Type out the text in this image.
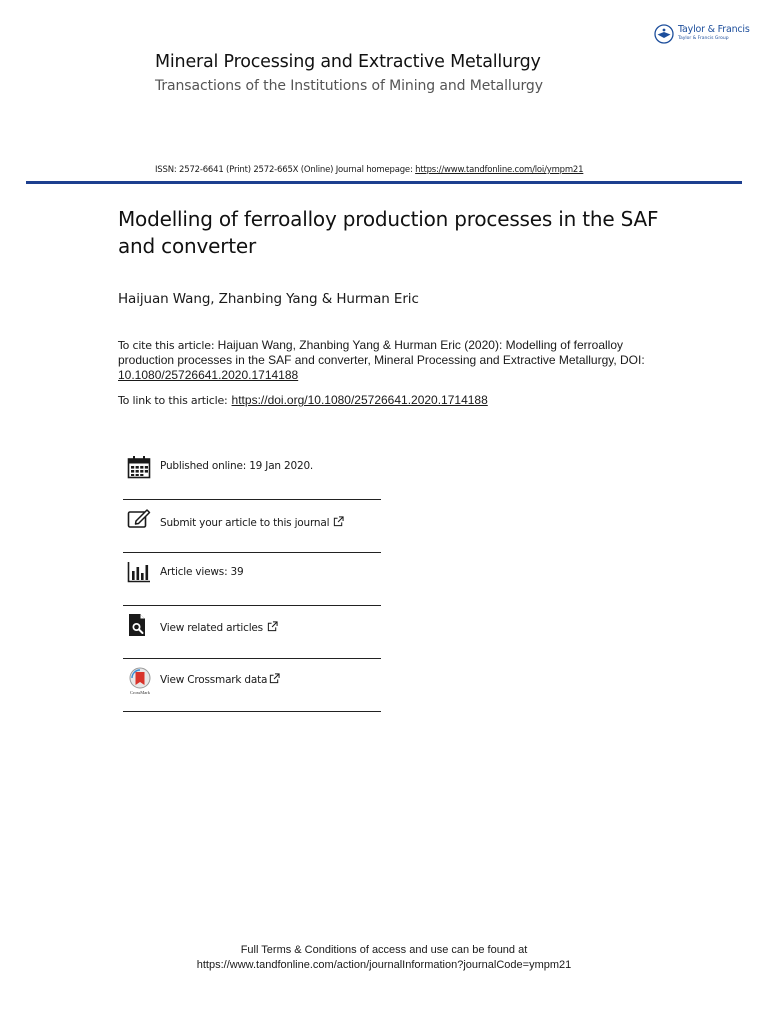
Taylor & Francis
Taylor & Francis Group
Mineral Processing and Extractive Metallurgy
Transactions of the Institutions of Mining and Metallurgy
ISSN: 2572-6641 (Print) 2572-665X (Online) Journal homepage: https://www.tandfonline.com/loi/ympm21
Modelling of ferroalloy production processes in the SAF and converter
Haijuan Wang, Zhanbing Yang & Hurman Eric
To cite this article: Haijuan Wang, Zhanbing Yang & Hurman Eric (2020): Modelling of ferroalloy production processes in the SAF and converter, Mineral Processing and Extractive Metallurgy, DOI: 10.1080/25726641.2020.1714188
To link to this article: https://doi.org/10.1080/25726641.2020.1714188
Published online: 19 Jan 2020.
Submit your article to this journal
Article views: 39
View related articles
CrossMark
View Crossmark data
Full Terms & Conditions of access and use can be found at
https://www.tandfonline.com/action/journalInformation?journalCode=ympm21
